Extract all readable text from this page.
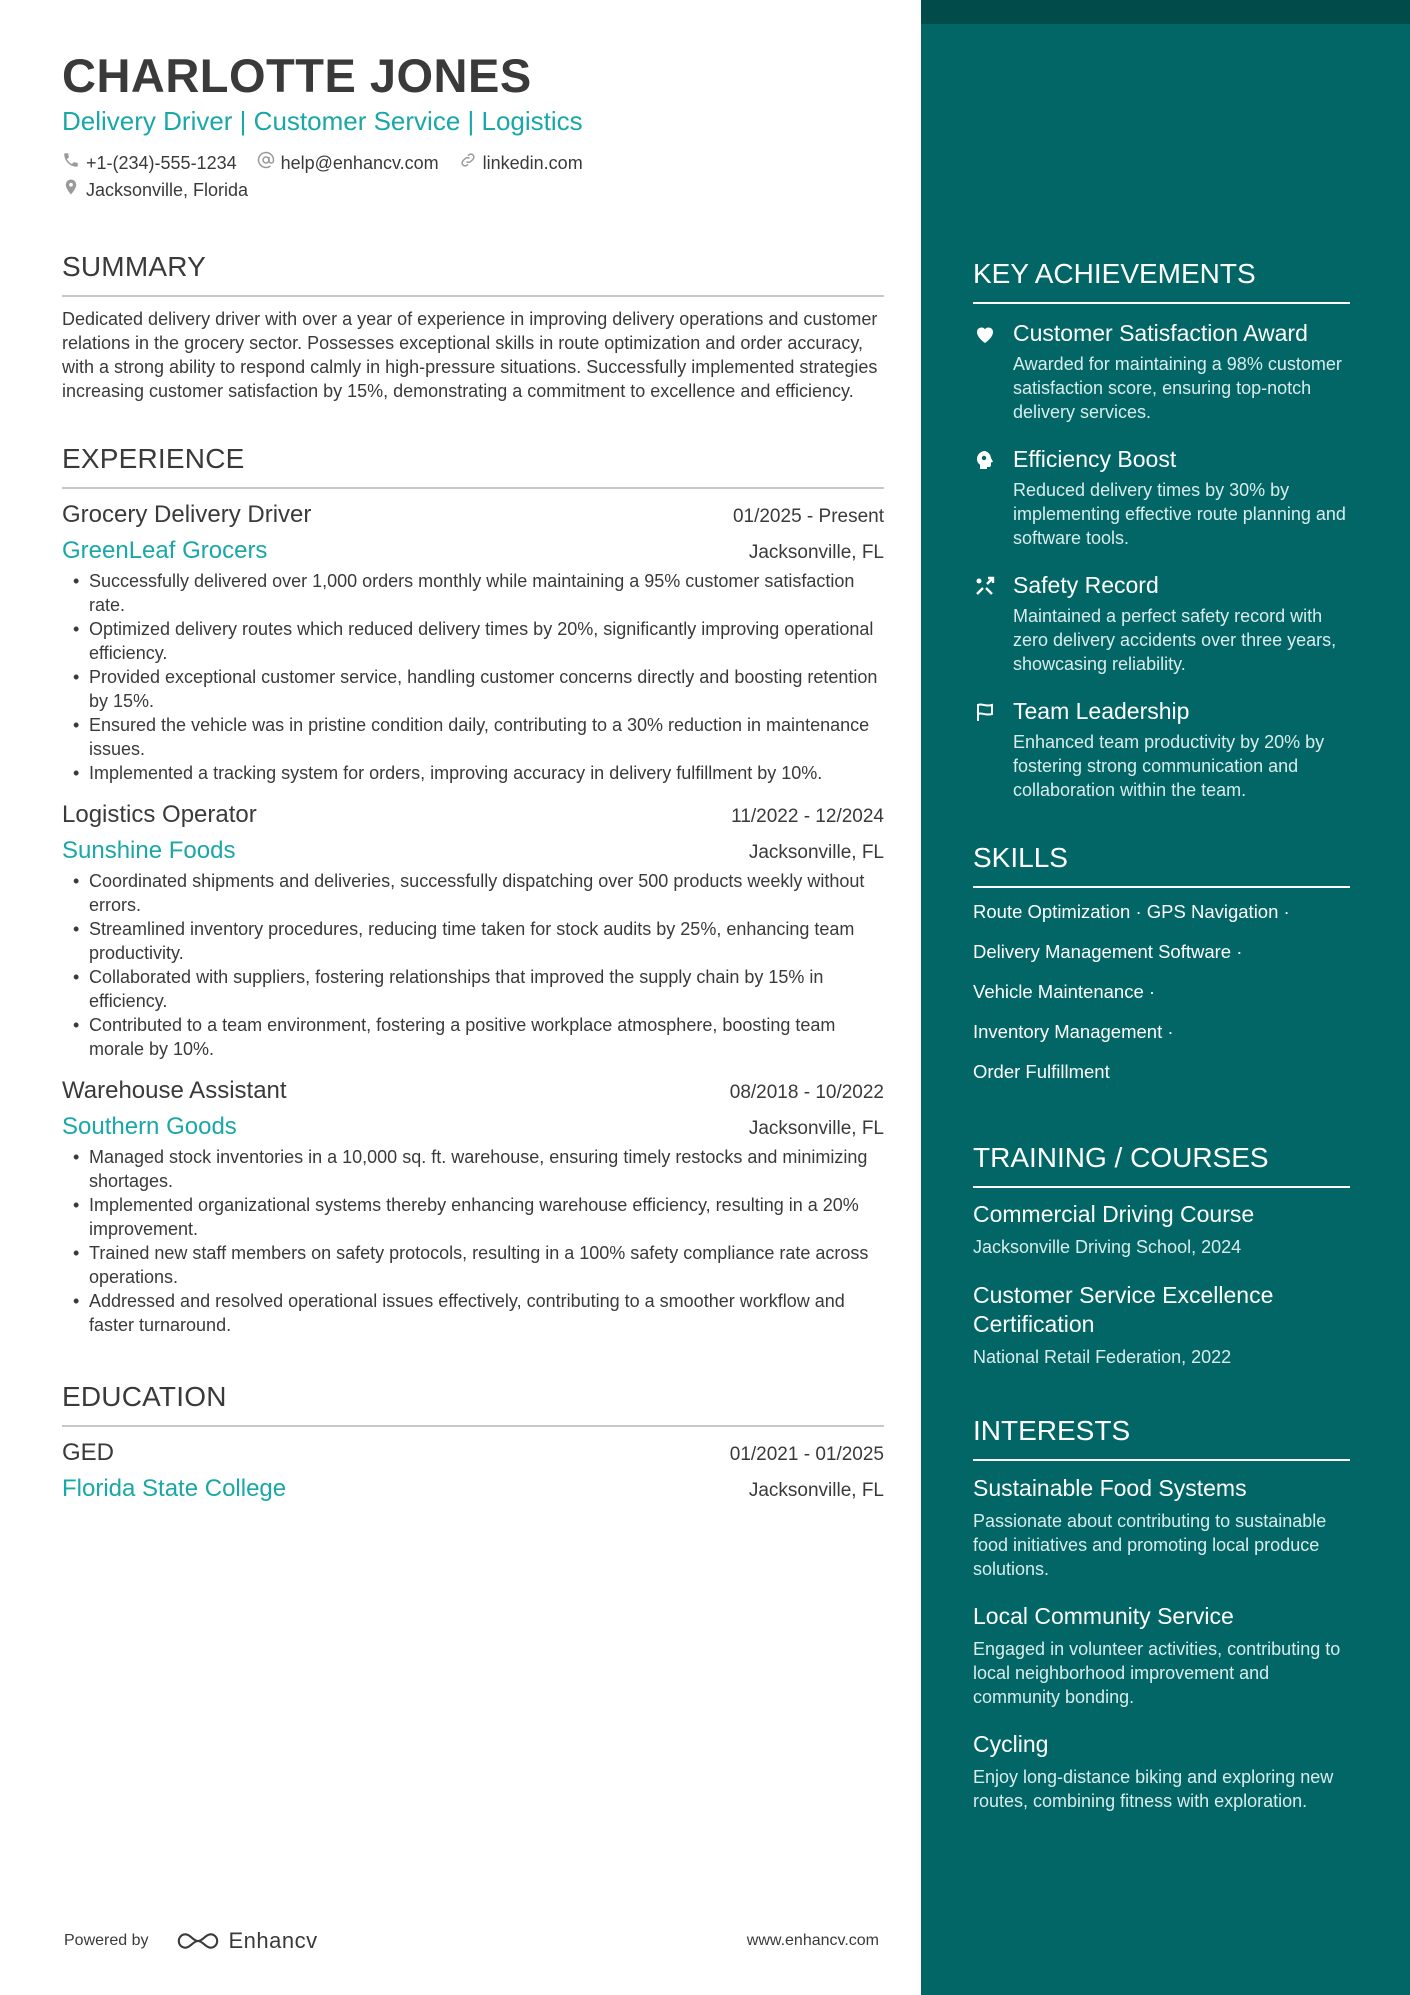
CHARLOTTE JONES
Delivery Driver | Customer Service | Logistics
+1-(234)-555-1234 help@enhancv.com linkedin.com
Jacksonville, Florida
SUMMARY
Dedicated delivery driver with over a year of experience in improving delivery operations and customer relations in the grocery sector. Possesses exceptional skills in route optimization and order accuracy, with a strong ability to respond calmly in high-pressure situations. Successfully implemented strategies increasing customer satisfaction by 15%, demonstrating a commitment to excellence and efficiency.
EXPERIENCE
Grocery Delivery Driver	01/2025 - Present
GreenLeaf Grocers	Jacksonville, FL
• Successfully delivered over 1,000 orders monthly while maintaining a 95% customer satisfaction rate.
• Optimized delivery routes which reduced delivery times by 20%, significantly improving operational efficiency.
• Provided exceptional customer service, handling customer concerns directly and boosting retention by 15%.
• Ensured the vehicle was in pristine condition daily, contributing to a 30% reduction in maintenance issues.
• Implemented a tracking system for orders, improving accuracy in delivery fulfillment by 10%.
Logistics Operator	11/2022 - 12/2024
Sunshine Foods	Jacksonville, FL
• Coordinated shipments and deliveries, successfully dispatching over 500 products weekly without errors.
• Streamlined inventory procedures, reducing time taken for stock audits by 25%, enhancing team productivity.
• Collaborated with suppliers, fostering relationships that improved the supply chain by 15% in efficiency.
• Contributed to a team environment, fostering a positive workplace atmosphere, boosting team morale by 10%.
Warehouse Assistant	08/2018 - 10/2022
Southern Goods	Jacksonville, FL
• Managed stock inventories in a 10,000 sq. ft. warehouse, ensuring timely restocks and minimizing shortages.
• Implemented organizational systems thereby enhancing warehouse efficiency, resulting in a 20% improvement.
• Trained new staff members on safety protocols, resulting in a 100% safety compliance rate across operations.
• Addressed and resolved operational issues effectively, contributing to a smoother workflow and faster turnaround.
EDUCATION
GED	01/2021 - 01/2025
Florida State College	Jacksonville, FL
KEY ACHIEVEMENTS
Customer Satisfaction Award
Awarded for maintaining a 98% customer satisfaction score, ensuring top-notch delivery services.
Efficiency Boost
Reduced delivery times by 30% by implementing effective route planning and software tools.
Safety Record
Maintained a perfect safety record with zero delivery accidents over three years, showcasing reliability.
Team Leadership
Enhanced team productivity by 20% by fostering strong communication and collaboration within the team.
SKILLS
Route Optimization · GPS Navigation ·
Delivery Management Software ·
Vehicle Maintenance ·
Inventory Management ·
Order Fulfillment
TRAINING / COURSES
Commercial Driving Course
Jacksonville Driving School, 2024
Customer Service Excellence Certification
National Retail Federation, 2022
INTERESTS
Sustainable Food Systems
Passionate about contributing to sustainable food initiatives and promoting local produce solutions.
Local Community Service
Engaged in volunteer activities, contributing to local neighborhood improvement and community bonding.
Cycling
Enjoy long-distance biking and exploring new routes, combining fitness with exploration.
Powered by	Enhancv	www.enhancv.com
